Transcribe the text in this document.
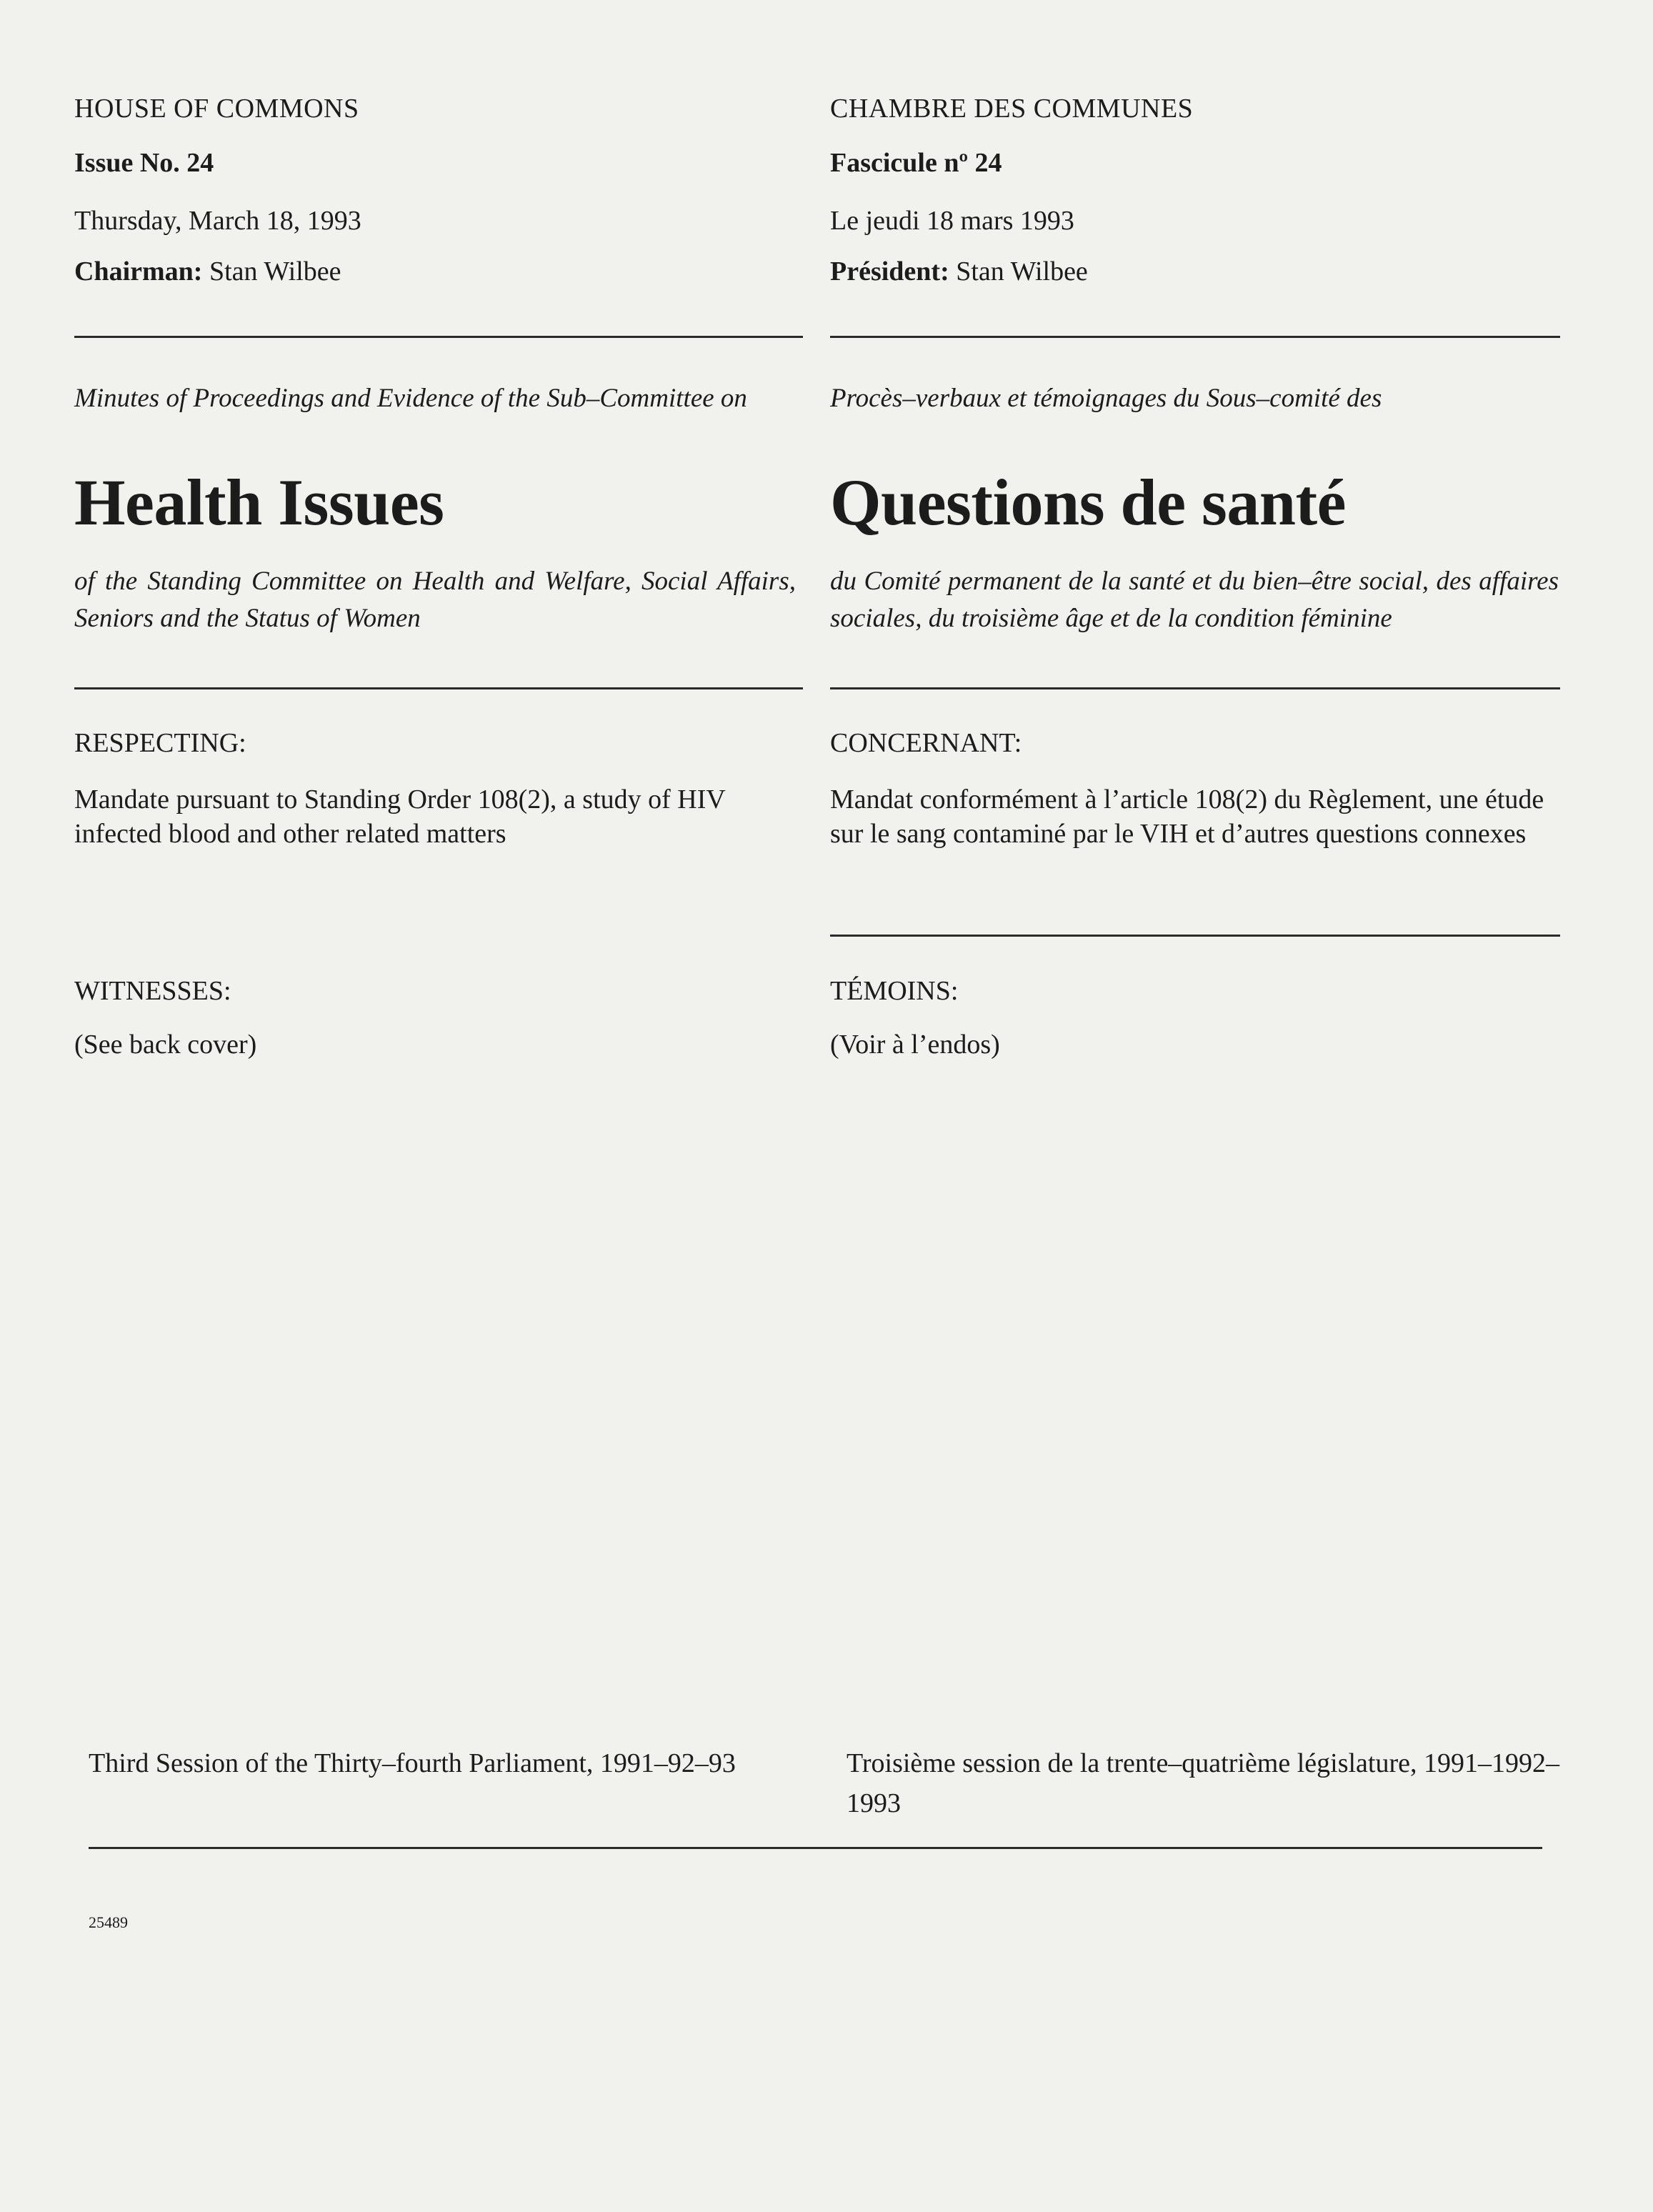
HOUSE OF COMMONS

Issue No. 24

Thursday, March 18, 1993

Chairman: Stan Wilbee

Minutes of Proceedings and Evidence of the Sub–Committee on

Health Issues

of the Standing Committee on Health and Welfare, Social Affairs, Seniors and the Status of Women

RESPECTING:

Mandate pursuant to Standing Order 108(2), a study of HIV infected blood and other related matters

WITNESSES:

(See back cover)

CHAMBRE DES COMMUNES

Fascicule nº 24

Le jeudi 18 mars 1993

Président: Stan Wilbee

Procès–verbaux et témoignages du Sous–comité des

Questions de santé

du Comité permanent de la santé et du bien–être social, des affaires sociales, du troisième âge et de la condition féminine

CONCERNANT:

Mandat conformément à l’article 108(2) du Règlement, une étude sur le sang contaminé par le VIH et d’autres questions connexes

TÉMOINS:

(Voir à l’endos)

Third Session of the Thirty–fourth Parliament, 1991–92–93	Troisième session de la trente–quatrième législature, 1991–1992–1993

25489
